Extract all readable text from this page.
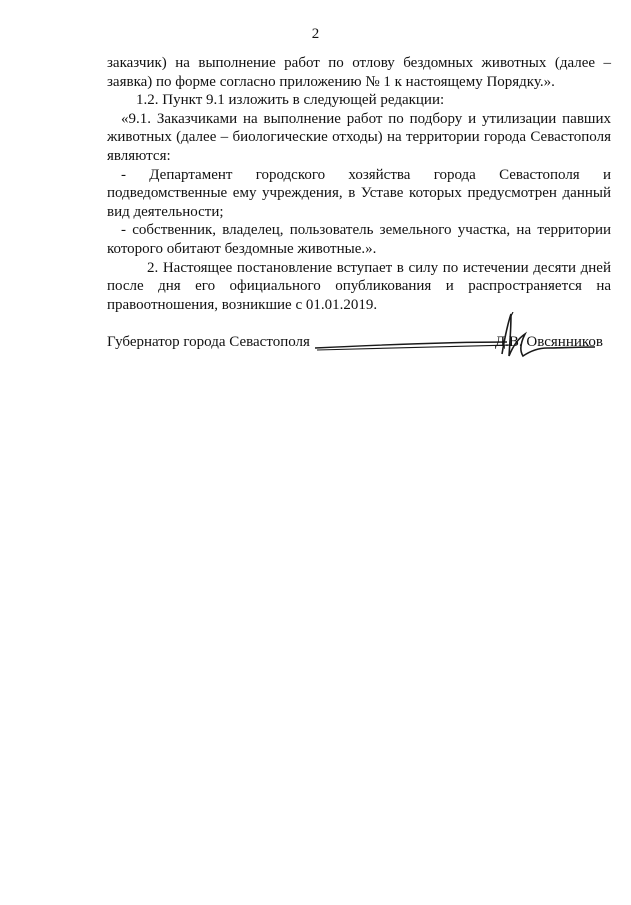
2

заказчик) на выполнение работ по отлову бездомных животных (далее – заявка) по форме согласно приложению № 1 к настоящему Порядку.».

1.2. Пункт 9.1 изложить в следующей редакции:

«9.1. Заказчиками на выполнение работ по подбору и утилизации павших животных (далее – биологические отходы) на территории города Севастополя являются:

- Департамент городского хозяйства города Севастополя и подведомственные ему учреждения, в Уставе которых предусмотрен данный вид деятельности;

- собственник, владелец, пользователь земельного участка, на территории которого обитают бездомные животные.».

2. Настоящее постановление вступает в силу по истечении десяти дней после дня его официального опубликования и распространяется на правоотношения, возникшие с 01.01.2019.

Губернатор города Севастополя	Д.В. Овсянников
